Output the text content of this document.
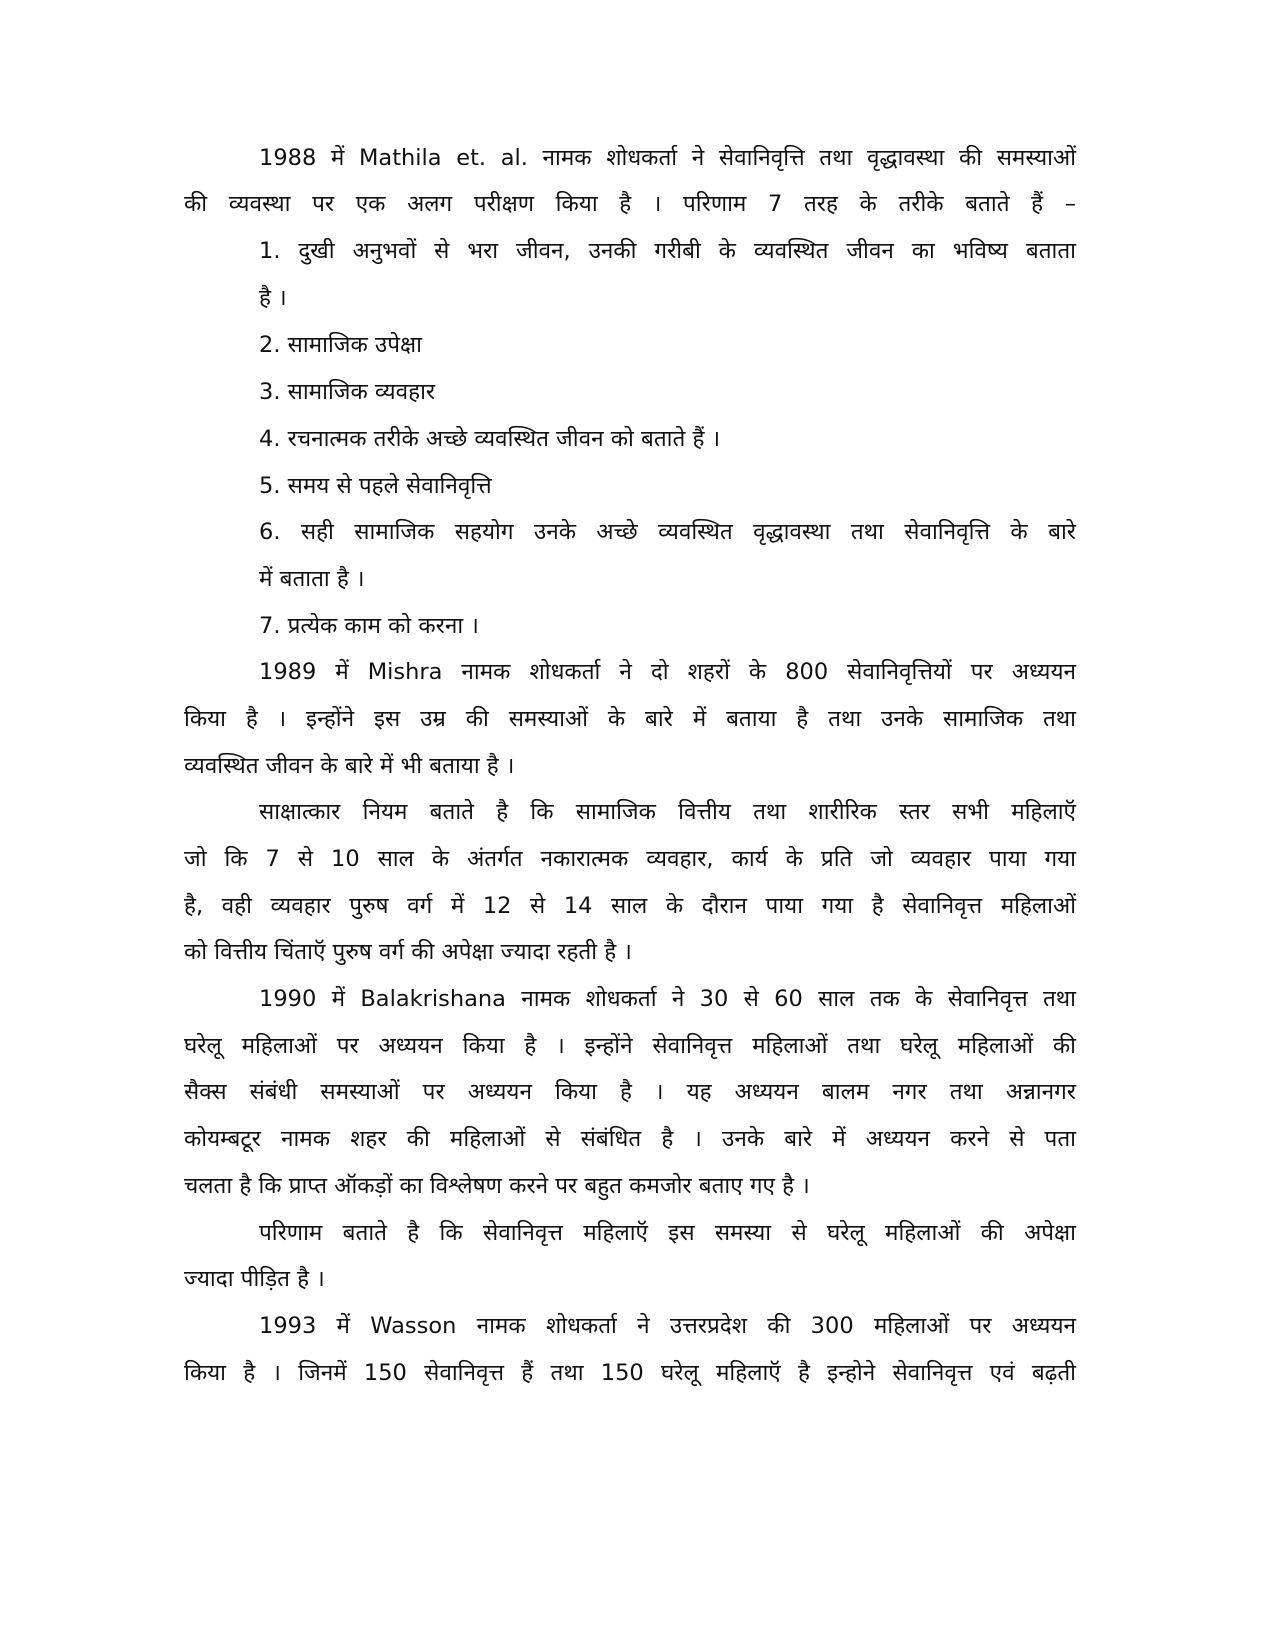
1988 में Mathila et. al. नामक शोधकर्ता ने सेवानिवृत्ति तथा वृद्धावस्था की समस्याओं
की व्यवस्था पर एक अलग परीक्षण किया है । परिणाम 7 तरह के तरीके बताते हैं –
1. दुखी अनुभवों से भरा जीवन, उनकी गरीबी के व्यवस्थित जीवन का भविष्य बताता
है ।
2. सामाजिक उपेक्षा
3. सामाजिक व्यवहार
4. रचनात्मक तरीके अच्छे व्यवस्थित जीवन को बताते हैं ।
5. समय से पहले सेवानिवृत्ति
6. सही सामाजिक सहयोग उनके अच्छे व्यवस्थित वृद्धावस्था तथा सेवानिवृत्ति के बारे
में बताता है ।
7. प्रत्येक काम को करना ।
1989 में Mishra नामक शोधकर्ता ने दो शहरों के 800 सेवानिवृत्तियों पर अध्ययन
किया है । इन्होंने इस उम्र की समस्याओं के बारे में बताया है तथा उनके सामाजिक तथा
व्यवस्थित जीवन के बारे में भी बताया है ।
साक्षात्कार नियम बताते है कि सामाजिक वित्तीय तथा शारीरिक स्तर सभी महिलाऍ
जो कि 7 से 10 साल के अंतर्गत नकारात्मक व्यवहार, कार्य के प्रति जो व्यवहार पाया गया
है, वही व्यवहार पुरुष वर्ग में 12 से 14 साल के दौरान पाया गया है सेवानिवृत्त महिलाओं
को वित्तीय चिंताऍ पुरुष वर्ग की अपेक्षा ज्यादा रहती है ।
1990 में Balakrishana नामक शोधकर्ता ने 30 से 60 साल तक के सेवानिवृत्त तथा
घरेलू महिलाओं पर अध्ययन किया है । इन्होंने सेवानिवृत्त महिलाओं तथा घरेलू महिलाओं की
सैक्स संबंधी समस्याओं पर अध्ययन किया है । यह अध्ययन बालम नगर तथा अन्नानगर
कोयम्बटूर नामक शहर की महिलाओं से संबंधित है । उनके बारे में अध्ययन करने से पता
चलता है कि प्राप्त ऑकड़ों का विश्लेषण करने पर बहुत कमजोर बताए गए है ।
परिणाम बताते है कि सेवानिवृत्त महिलाऍ इस समस्या से घरेलू महिलाओं की अपेक्षा
ज्यादा पीड़ित है ।
1993 में Wasson नामक शोधकर्ता ने उत्तरप्रदेश की 300 महिलाओं पर अध्ययन
किया है । जिनमें 150 सेवानिवृत्त हैं तथा 150 घरेलू महिलाऍ है इन्होने सेवानिवृत्त एवं बढ़ती
